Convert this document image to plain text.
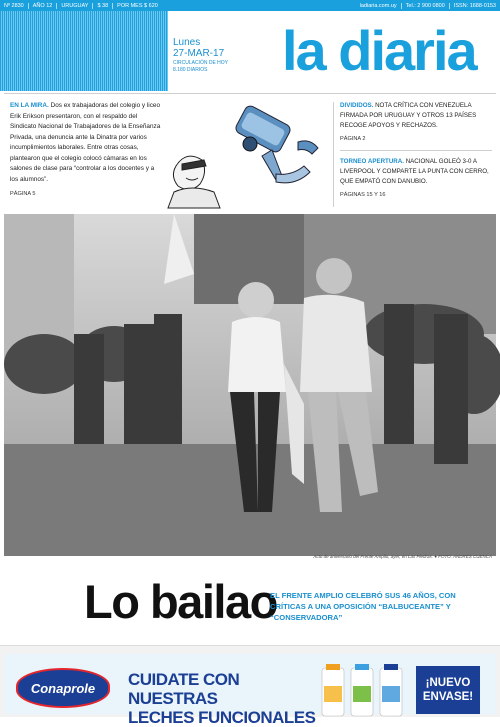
Nº 2830	AÑO 12	URUGUAY	$ 38	POR MES $ 620	ladiaria.com.uy	Tel.: 2 900 0800	ISSN: 1688-0153
Lunes
27-MAR-17
CIRCULACIÓN DE HOY
8.180 DIARIOS	la diaria

EN LA MIRA. Dos ex trabajadoras del colegio y liceo Erik Erikson presentaron, con el respaldo del Sindicato Nacional de Trabajadores de la Enseñanza Privada, una denuncia ante la Dinatra por varios incumplimientos laborales. Entre otras cosas, plantearon que el colegio colocó cámaras en los salones de clase para “controlar a los docentes y a los alumnos”.

PÁGINA 5

DIVIDIDOS. NOTA CRÍTICA CON VENEZUELA FIRMADA POR URUGUAY Y OTROS 13 PAÍSES RECOGE APOYOS Y RECHAZOS.

PÁGINA 2

TORNEO APERTURA. NACIONAL GOLEÓ 3-0 A LIVERPOOL Y COMPARTE LA PUNTA CON CERRO, QUE EMPATÓ CON DANUBIO.

PÁGINAS 15 Y 16

Acto de aniversario del Frente Amplio, ayer, en Las Piedras. ● FOTO: ANDRÉS CUENCA
Lo bailao
EL FRENTE AMPLIO CELEBRÓ SUS 46 AÑOS, CON CRÍTICAS A UNA OPOSICIÓN “BALBUCEANTE” Y “CONSERVADORA”
Conaprole	CUIDATE CON NUESTRAS
LECHES FUNCIONALES
¡NUEVO
ENVASE!
